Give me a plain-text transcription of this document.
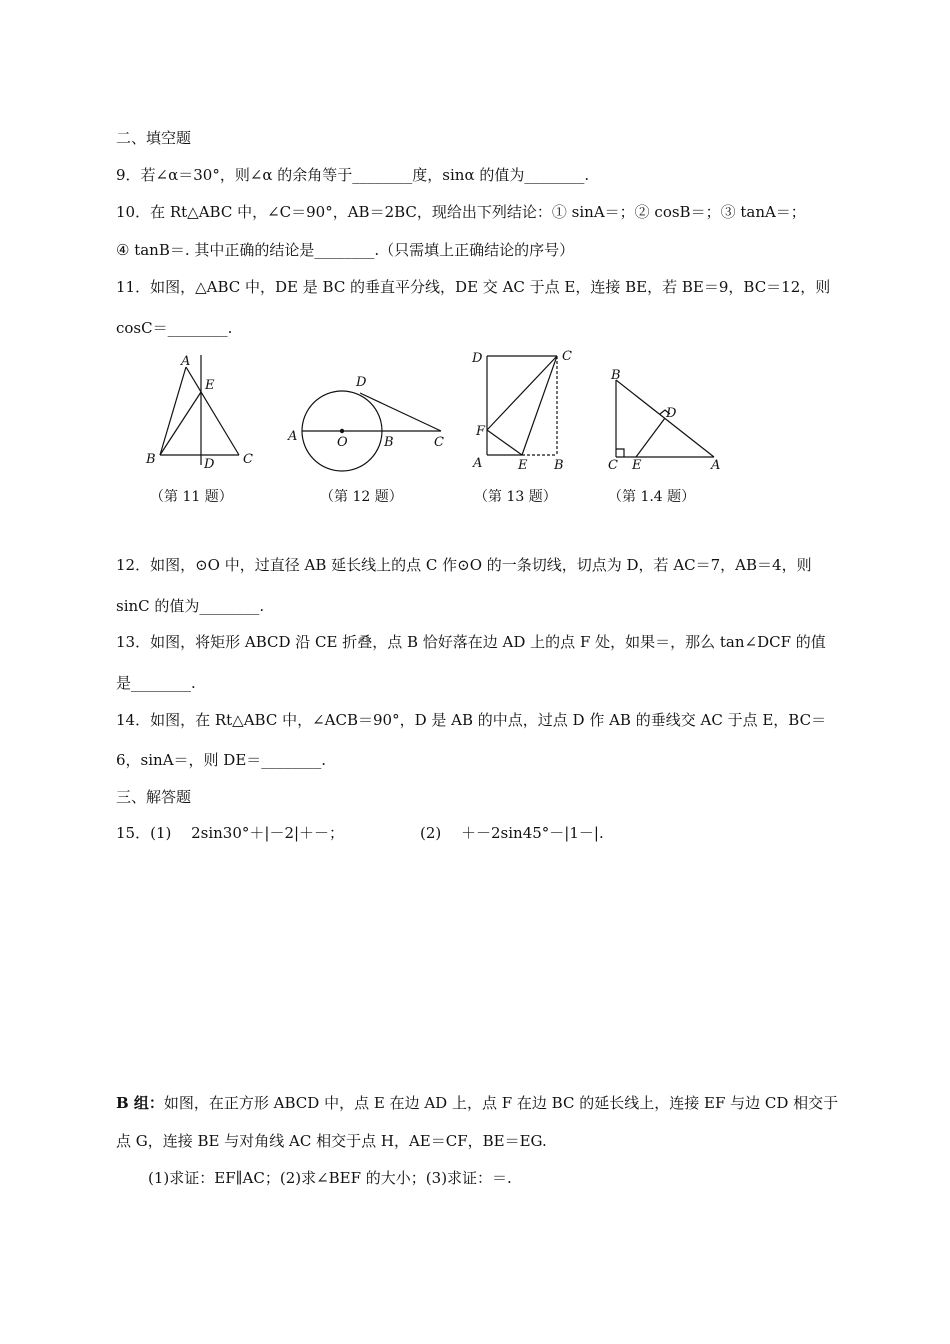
二、填空题
9．若∠α＝30°，则∠α 的余角等于________度，sinα 的值为________.
10．在 Rt△ABC 中，∠C＝90°，AB＝2BC，现给出下列结论：① sinA＝；② cosB＝；③ tanA＝；
④ tanB＝. 其中正确的结论是________.（只需填上正确结论的序号）
11．如图，△ABC 中，DE 是 BC 的垂直平分线，DE 交 AC 于点 E，连接 BE，若 BE＝9，BC＝12，则
cosC＝________.
A
E
B	D C
D
A	O	B	C
D	C
F
A	E B
B
D
C E	A
（第 11 题）	（第 12 题）	（第 13 题）	（第 1.4 题）
12．如图，⊙O 中，过直径 AB 延长线上的点 C 作⊙O 的一条切线，切点为 D，若 AC＝7，AB＝4，则
sinC 的值为________.
13．如图，将矩形 ABCD 沿 CE 折叠，点 B 恰好落在边 AD 上的点 F 处，如果＝，那么 tan∠DCF 的值
是________.
14．如图，在 Rt△ABC 中，∠ACB＝90°，D 是 AB 的中点，过点 D 作 AB 的垂线交 AC 于点 E，BC＝
6，sinA＝，则 DE＝________.
三、解答题
15．(1)　 2sin30°＋|－2|＋－；	(2)　 ＋－2sin45°－|1－|.
B 组：如图，在正方形 ABCD 中，点 E 在边 AD 上，点 F 在边 BC 的延长线上，连接 EF 与边 CD 相交于
点 G，连接 BE 与对角线 AC 相交于点 H，AE＝CF，BE＝EG.
(1)求证：EF∥AC；(2)求∠BEF 的大小；(3)求证：＝.
